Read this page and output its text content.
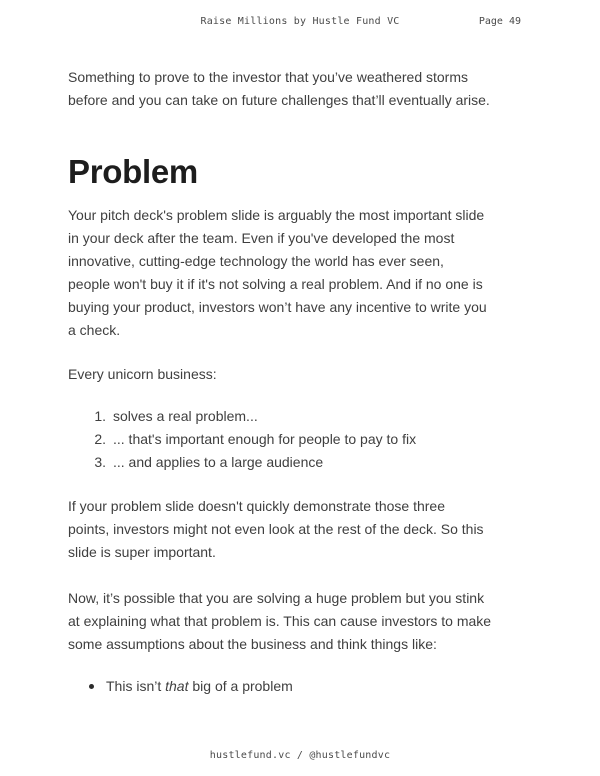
Raise Millions by Hustle Fund VC	Page 49
Something to prove to the investor that you’ve weathered storms
before and you can take on future challenges that’ll eventually arise.
Problem
Your pitch deck's problem slide is arguably the most important slide
in your deck after the team. Even if you've developed the most
innovative, cutting-edge technology the world has ever seen,
people won't buy it if it's not solving a real problem. And if no one is
buying your product, investors won’t have any incentive to write you
a check.
Every unicorn business:
1. solves a real problem...
2. ... that's important enough for people to pay to fix
3. ... and applies to a large audience
If your problem slide doesn't quickly demonstrate those three
points, investors might not even look at the rest of the deck. So this
slide is super important.
Now, it’s possible that you are solving a huge problem but you stink
at explaining what that problem is. This can cause investors to make
some assumptions about the business and think things like:
This isn’t that big of a problem
hustlefund.vc / @hustlefundvc
